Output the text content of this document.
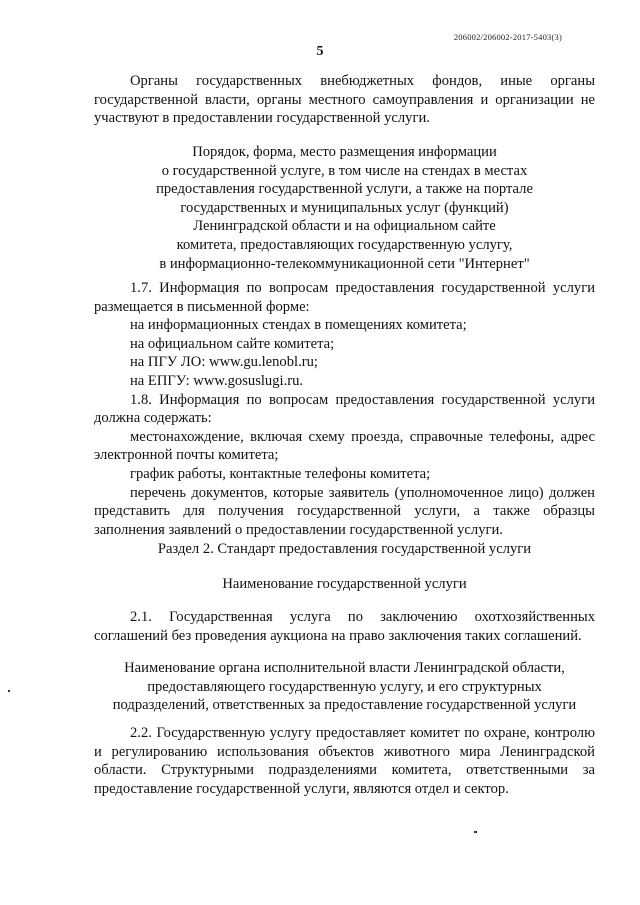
206002/206002-2017-5403(3)
5

Органы государственных внебюджетных фондов, иные органы государственной власти, органы местного самоуправления и организации не участвуют в предоставлении государственной услуги.

Порядок, форма, место размещения информации
о государственной услуге, в том числе на стендах в местах
предоставления государственной услуги, а также на портале
государственных и муниципальных услуг (функций)
Ленинградской области и на официальном сайте
комитета, предоставляющих государственную услугу,
в информационно-телекоммуникационной сети "Интернет"

1.7. Информация по вопросам предоставления государственной услуги размещается в письменной форме:

на информационных стендах в помещениях комитета;

на официальном сайте комитета;

на ПГУ ЛО: www.gu.lenobl.ru;

на ЕПГУ: www.gosuslugi.ru.

1.8. Информация по вопросам предоставления государственной услуги должна содержать:

местонахождение, включая схему проезда, справочные телефоны, адрес электронной почты комитета;

график работы, контактные телефоны комитета;

перечень документов, которые заявитель (уполномоченное лицо) должен представить для получения государственной услуги, а также образцы заполнения заявлений о предоставлении государственной услуги.

Раздел 2. Стандарт предоставления государственной услуги

Наименование государственной услуги

2.1. Государственная услуга по заключению охотхозяйственных соглашений без проведения аукциона на право заключения таких соглашений.

Наименование органа исполнительной власти Ленинградской области,
предоставляющего государственную услугу, и его структурных
подразделений, ответственных за предоставление государственной услуги

2.2. Государственную услугу предоставляет комитет по охране, контролю и регулированию использования объектов животного мира Ленинградской области. Структурными подразделениями комитета, ответственными за предоставление государственной услуги, являются отдел и сектор.
